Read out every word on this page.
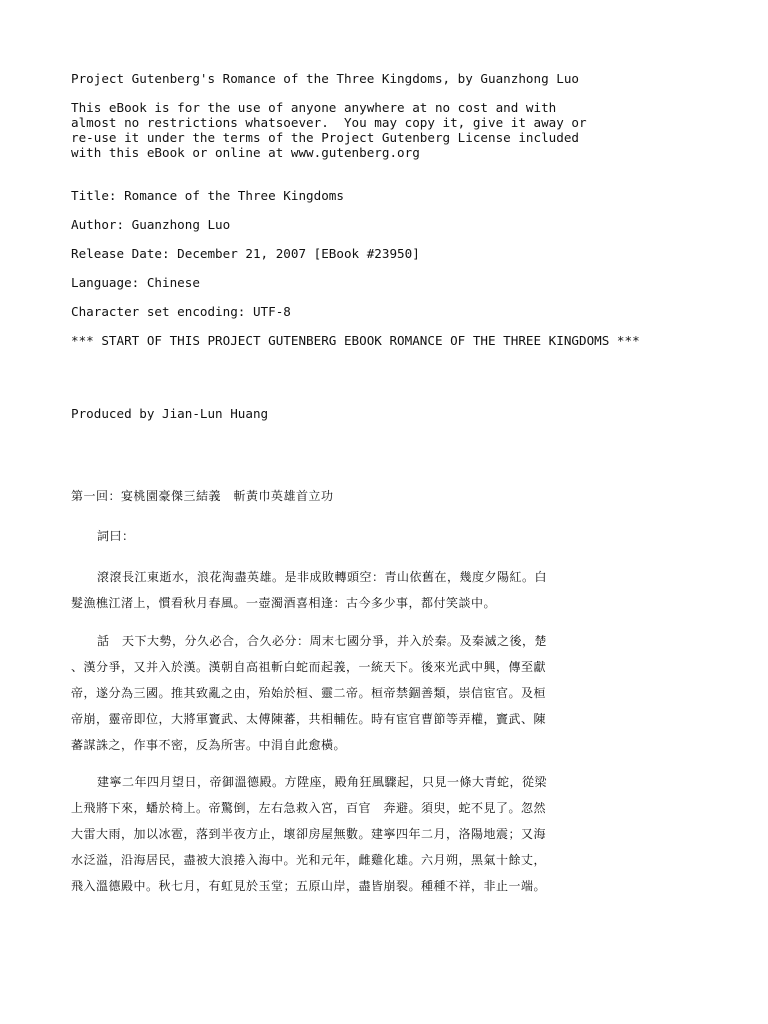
Project Gutenberg's Romance of the Three Kingdoms, by Guanzhong Luo

This eBook is for the use of anyone anywhere at no cost and with

almost no restrictions whatsoever.  You may copy it, give it away or

re-use it under the terms of the Project Gutenberg License included

with this eBook or online at www.gutenberg.org

Title: Romance of the Three Kingdoms

Author: Guanzhong Luo

Release Date: December 21, 2007 [EBook #23950]

Language: Chinese

Character set encoding: UTF-8

*** START OF THIS PROJECT GUTENBERG EBOOK ROMANCE OF THE THREE KINGDOMS ***

Produced by Jian-Lun Huang

第一回：宴桃園豪傑三結義　斬黃巾英雄首立功

詞曰：

滾滾長江東逝水，浪花淘盡英雄。是非成敗轉頭空：青山依舊在，幾度夕陽紅。白
髮漁樵江渚上，慣看秋月春風。一壺濁酒喜相逢：古今多少事，都付笑談中。
話　天下大勢，分久必合，合久必分：周末七國分爭，并入於秦。及秦滅之後，楚
、漢分爭，又并入於漢。漢朝自高祖斬白蛇而起義，一統天下。後來光武中興，傳至獻
帝，遂分為三國。推其致亂之由，殆始於桓、靈二帝。桓帝禁錮善類，崇信宦官。及桓
帝崩，靈帝即位，大將軍竇武、太傅陳蕃，共相輔佐。時有宦官曹節等弄權，竇武、陳
蕃謀誅之，作事不密，反為所害。中涓自此愈橫。
建寧二年四月望日，帝御溫德殿。方陞座，殿角狂風驟起，只見一條大青蛇，從梁
上飛將下來，蟠於椅上。帝驚倒，左右急救入宮，百官　奔避。須臾，蛇不見了。忽然
大雷大雨，加以冰雹，落到半夜方止，壞卻房屋無數。建寧四年二月，洛陽地震；又海
水泛溢，沿海居民，盡被大浪捲入海中。光和元年，雌雞化雄。六月朔，黑氣十餘丈，
飛入溫德殿中。秋七月，有虹見於玉堂；五原山岸，盡皆崩裂。種種不祥，非止一端。
